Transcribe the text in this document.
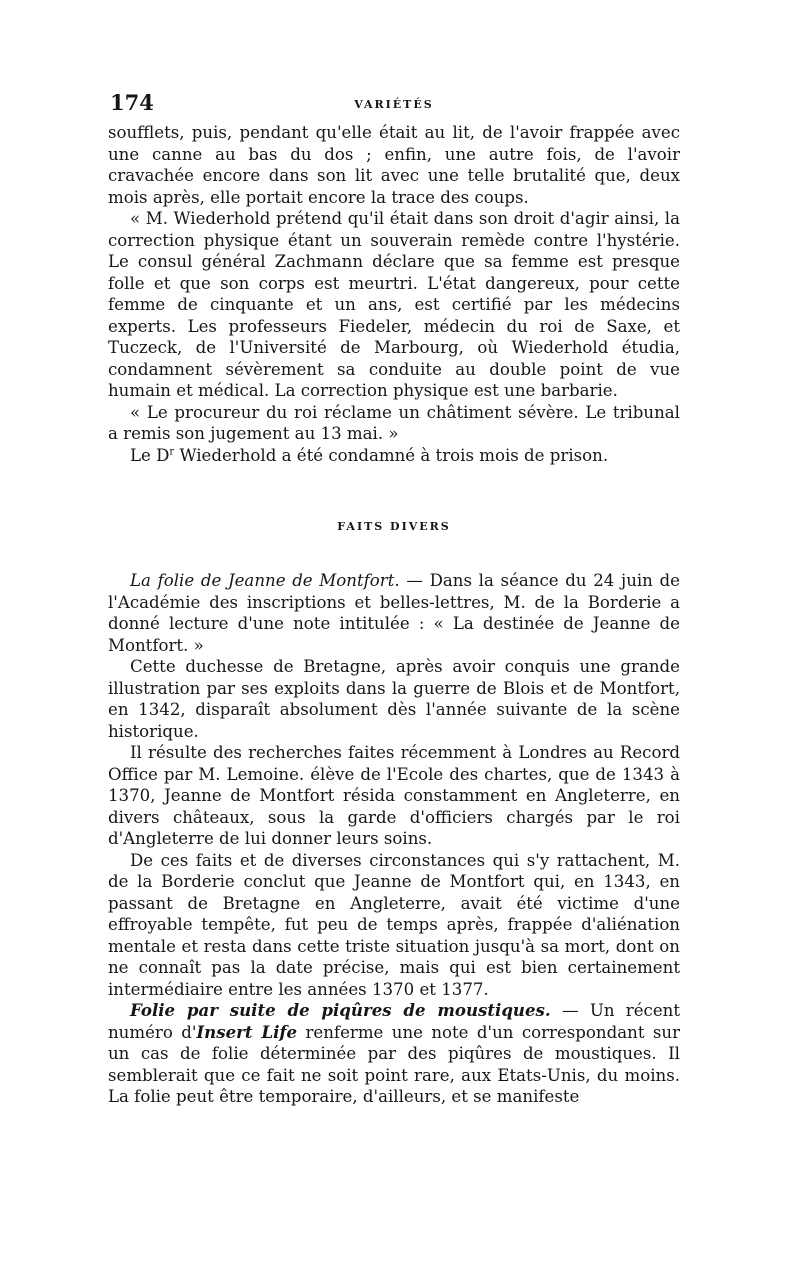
174	VARIÉTÉS

soufflets, puis, pendant qu'elle était au lit, de l'avoir frappée avec une canne au bas du dos ; enfin, une autre fois, de l'avoir cravachée encore dans son lit avec une telle brutalité que, deux mois après, elle portait encore la trace des coups.

« M. Wiederhold prétend qu'il était dans son droit d'agir ainsi, la correction physique étant un souverain remède contre l'hystérie. Le consul général Zachmann déclare que sa femme est presque folle et que son corps est meurtri. L'état dangereux, pour cette femme de cinquante et un ans, est certifié par les médecins experts. Les professeurs Fiedeler, médecin du roi de Saxe, et Tuczeck, de l'Université de Marbourg, où Wiederhold étudia, condamnent sévèrement sa conduite au double point de vue humain et médical. La correction physique est une barbarie.

« Le procureur du roi réclame un châtiment sévère. Le tribunal a remis son jugement au 13 mai. »

Le $D^r$ Wiederhold a été condamné à trois mois de prison.

FAITS DIVERS

La folie de Jeanne de Montfort. — Dans la séance du 24 juin de l'Académie des inscriptions et belles-lettres, M. de la Borderie a donné lecture d'une note intitulée : « La destinée de Jeanne de Montfort. »

Cette duchesse de Bretagne, après avoir conquis une grande illustration par ses exploits dans la guerre de Blois et de Montfort, en 1342, disparaît absolument dès l'année suivante de la scène historique.

Il résulte des recherches faites récemment à Londres au Record Office par M. Lemoine. élève de l'Ecole des chartes, que de 1343 à 1370, Jeanne de Montfort résida constamment en Angleterre, en divers châteaux, sous la garde d'officiers chargés par le roi d'Angleterre de lui donner leurs soins.

De ces faits et de diverses circonstances qui s'y rattachent, M. de la Borderie conclut que Jeanne de Montfort qui, en 1343, en passant de Bretagne en Angleterre, avait été victime d'une effroyable tempête, fut peu de temps après, frappée d'aliénation mentale et resta dans cette triste situation jusqu'à sa mort, dont on ne connaît pas la date précise, mais qui est bien certainement intermédiaire entre les années 1370 et 1377.

Folie par suite de piqûres de moustiques. — Un récent numéro d'Insert Life renferme une note d'un correspondant sur un cas de folie déterminée par des piqûres de moustiques. Il semblerait que ce fait ne soit point rare, aux Etats-Unis, du moins. La folie peut être temporaire, d'ailleurs, et se manifeste
